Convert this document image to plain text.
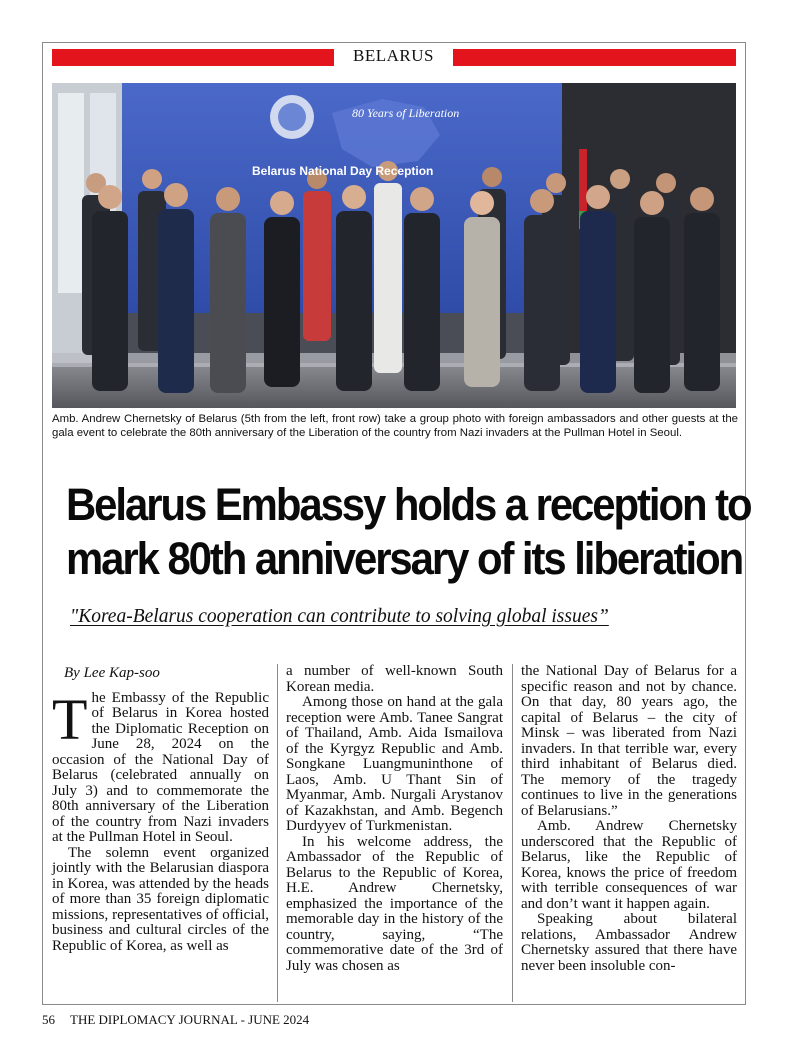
BELARUS
80 Years of Liberation
Belarus National Day Reception
Amb. Andrew Chernetsky of Belarus (5th from the left, front row) take a group photo with foreign ambassadors and other guests at the gala event to celebrate the 80th anniversary of the Liberation of the country from Nazi invaders at the Pullman Hotel in Seoul.
Belarus Embassy holds a reception to
mark 80th anniversary of its liberation
"Korea-Belarus cooperation can contribute to solving global issues”
By Lee Kap-soo

The Embassy of the Republic of Belarus in Korea hosted the Diplomatic Reception on June 28, 2024 on the occasion of the National Day of Belarus (celebrated annually on July 3) and to commemorate the 80th anniversary of the Liberation of the country from Nazi invaders at the Pullman Hotel in Seoul.

The solemn event organized jointly with the Belarusian diaspora in Korea, was attended by the heads of more than 35 foreign diplomatic missions, representatives of official, business and cultural circles of the Republic of Korea, as well as

a number of well-known South Korean media.

Among those on hand at the gala reception were Amb. Tanee Sangrat of Thailand, Amb. Aida Ismailova of the Kyrgyz Republic and Amb. Songkane Luangmuninthone of Laos, Amb. U Thant Sin of Myanmar, Amb. Nurgali Arystanov of Kazakhstan, and Amb. Begench Durdyyev of Turkmenistan.

In his welcome address, the Ambassador of the Republic of Belarus to the Republic of Korea, H.E. Andrew Chernetsky, emphasized the importance of the memorable day in the history of the country, saying, “The commemorative date of the 3rd of July was chosen as

the National Day of Belarus for a specific reason and not by chance. On that day, 80 years ago, the capital of Belarus – the city of Minsk – was liberated from Nazi invaders. In that terrible war, every third inhabitant of Belarus died. The memory of the tragedy continues to live in the generations of Belarusians.”

Amb. Andrew Chernetsky underscored that the Republic of Belarus, like the Republic of Korea, knows the price of freedom with terrible consequences of war and don’t want it happen again.

Speaking about bilateral relations, Ambassador Andrew Chernetsky assured that there have never been insoluble con-

56 THE DIPLOMACY JOURNAL - JUNE 2024
